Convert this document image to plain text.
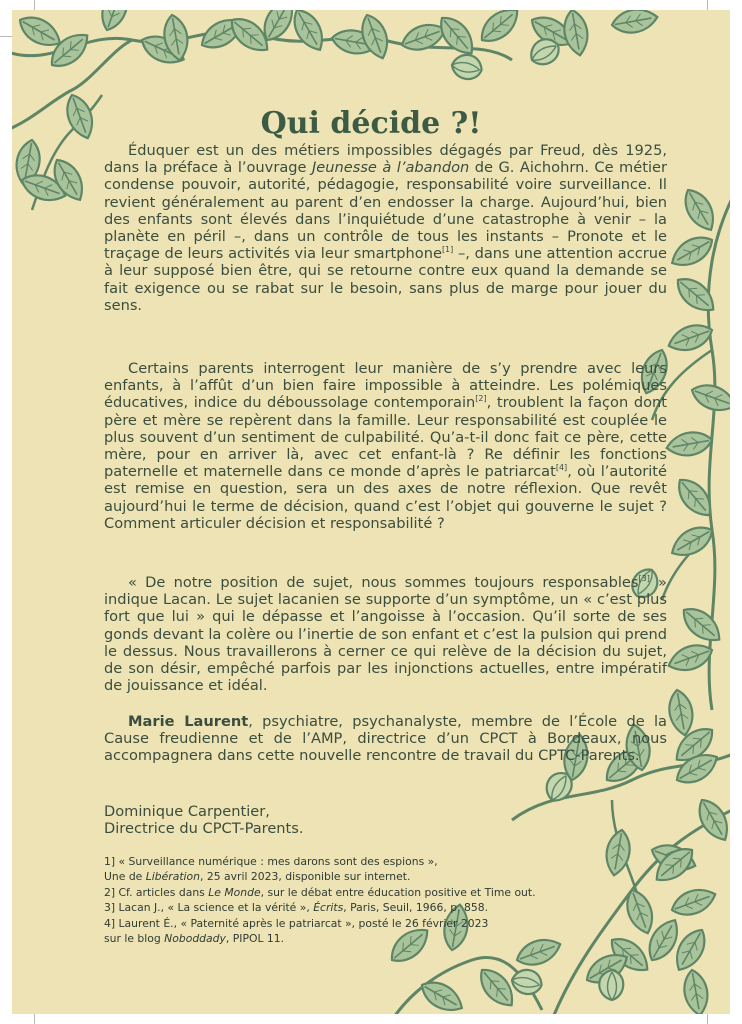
Qui décide ?!

Éduquer est un des métiers impossibles dégagés par Freud, dès 1925, dans la préface à l’ouvrage Jeunesse à l’abandon de G. Aichohrn. Ce métier condense pouvoir, autorité, pédagogie, responsabilité voire surveillance. Il revient généralement au parent d’en endosser la charge. Aujourd’hui, bien des enfants sont élevés dans l’inquiétude d’une catastrophe à venir – la planète en péril –, dans un contrôle de tous les instants – Pronote et le traçage de leurs activités via leur smartphone[1] –, dans une attention accrue à leur supposé bien être, qui se retourne contre eux quand la demande se fait exigence ou se rabat sur le besoin, sans plus de marge pour jouer du sens.

Certains parents interrogent leur manière de s’y prendre avec leurs enfants, à l’affût d’un bien faire impossible à atteindre. Les polémiques éducatives, indice du déboussolage contemporain[2], troublent la façon dont père et mère se repèrent dans la famille. Leur responsabilité est couplée le plus souvent d’un sentiment de culpabilité. Qu’a-t-il donc fait ce père, cette mère, pour en arriver là, avec cet enfant-là ? Re définir les fonctions paternelle et maternelle dans ce monde d’après le patriarcat[4], où l’autorité est remise en question, sera un des axes de notre réflexion. Que revêt aujourd’hui le terme de décision, quand c’est l’objet qui gouverne le sujet ? Comment articuler décision et responsabilité ?

« De notre position de sujet, nous sommes toujours responsables[3] » indique Lacan. Le sujet lacanien se supporte d’un symptôme, un « c’est plus fort que lui » qui le dépasse et l’angoisse à l’occasion. Qu’il sorte de ses gonds devant la colère ou l’inertie de son enfant et c’est la pulsion qui prend le dessus. Nous travaillerons à cerner ce qui relève de la décision du sujet, de son désir, empêché parfois par les injonctions actuelles, entre impératif de jouissance et idéal.

Marie Laurent, psychiatre, psychanalyste, membre de l’École de la Cause freudienne et de l’AMP, directrice d’un CPCT à Bordeaux, nous accompagnera dans cette nouvelle rencontre de travail du CPTC-Parents.

Dominique Carpentier,
Directrice du CPCT-Parents.
1] « Surveillance numérique : mes darons sont des espions »,
Une de Libération, 25 avril 2023, disponible sur internet.
2] Cf. articles dans Le Monde, sur le débat entre éducation positive et Time out.
3] Lacan J., « La science et la vérité », Écrits, Paris, Seuil, 1966, p. 858.
4] Laurent É., « Paternité après le patriarcat », posté le 26 février 2023
sur le blog Noboddady, PIPOL 11.
